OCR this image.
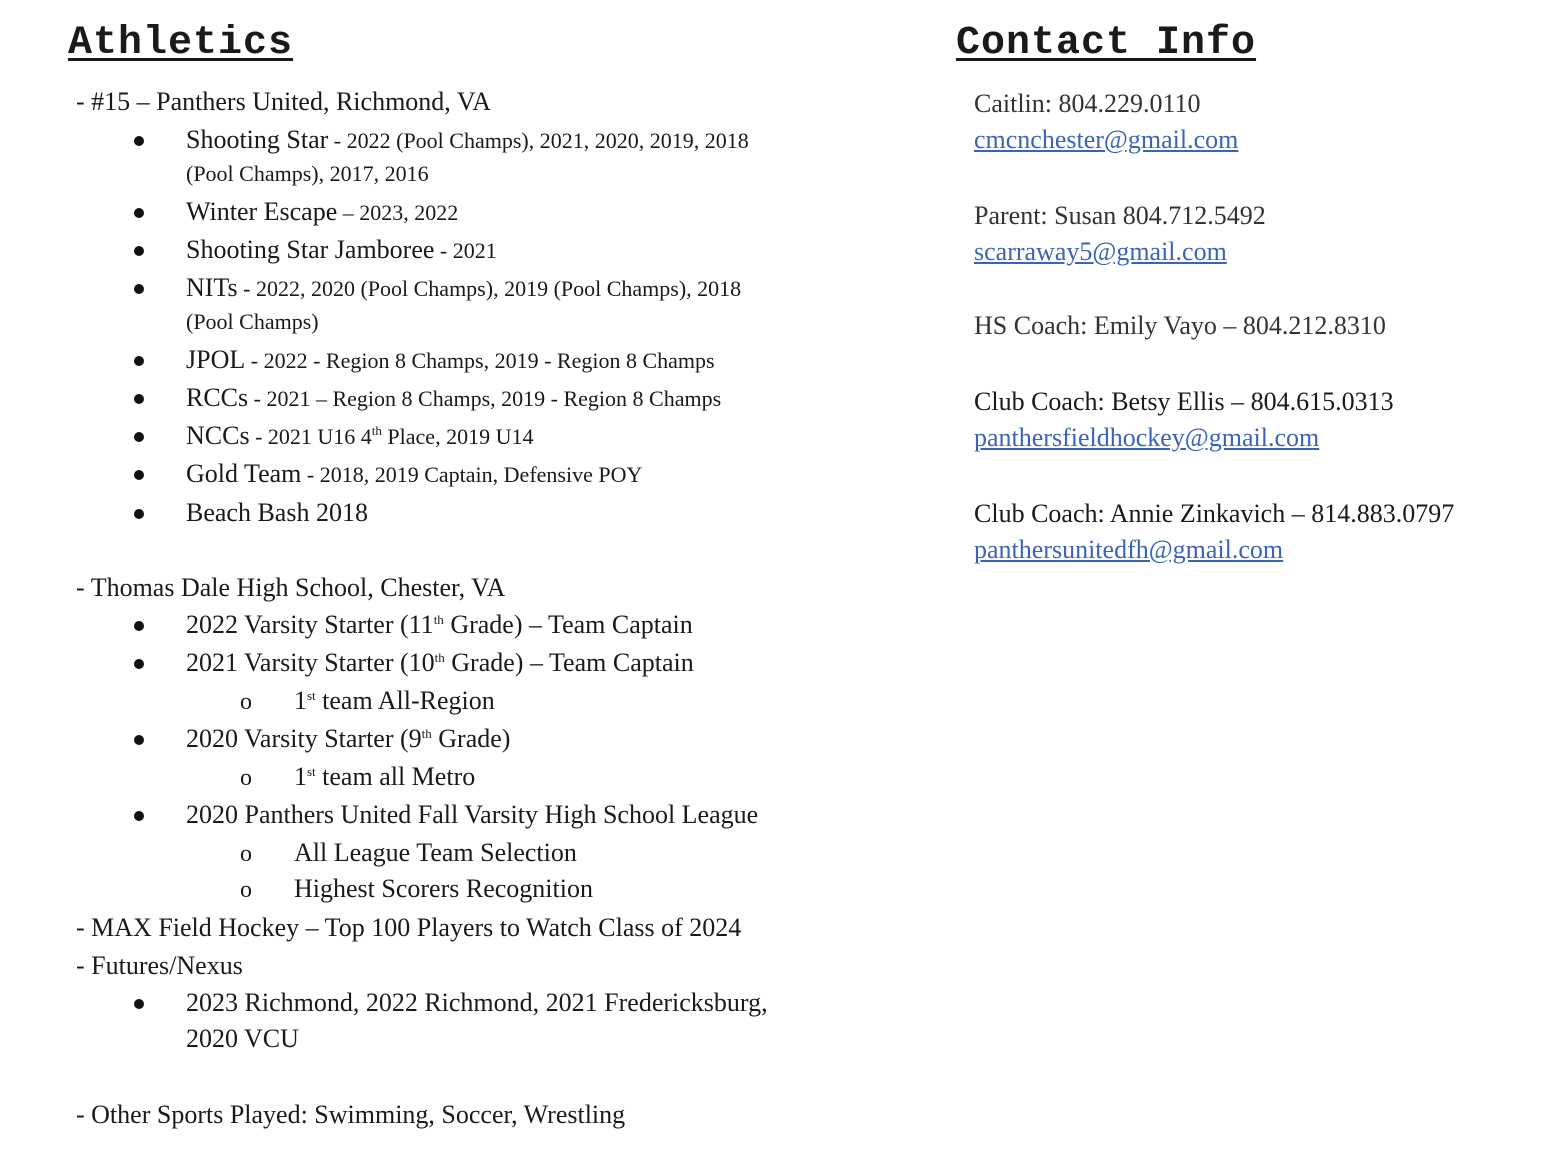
Athletics
- #15 – Panthers United, Richmond, VA
Shooting Star - 2022 (Pool Champs), 2021, 2020, 2019, 2018
(Pool Champs), 2017, 2016
Winter Escape – 2023, 2022
Shooting Star Jamboree - 2021
NITs - 2022, 2020 (Pool Champs), 2019 (Pool Champs), 2018
(Pool Champs)
JPOL - 2022 - Region 8 Champs, 2019 - Region 8 Champs
RCCs - 2021 – Region 8 Champs, 2019 - Region 8 Champs
NCCs - 2021 U16 4th Place, 2019 U14
Gold Team - 2018, 2019 Captain, Defensive POY
Beach Bash 2018
- Thomas Dale High School, Chester, VA
2022 Varsity Starter (11th Grade) – Team Captain
2021 Varsity Starter (10th Grade) – Team Captain
o 1st team All-Region
2020 Varsity Starter (9th Grade)
o 1st team all Metro
2020 Panthers United Fall Varsity High School League
o All League Team Selection
o Highest Scorers Recognition
- MAX Field Hockey – Top 100 Players to Watch Class of 2024
- Futures/Nexus
2023 Richmond, 2022 Richmond, 2021 Fredericksburg,
2020 VCU
- Other Sports Played: Swimming, Soccer, Wrestling
Contact Info
Caitlin: 804.229.0110
cmcnchester@gmail.com
Parent: Susan 804.712.5492
scarraway5@gmail.com
HS Coach: Emily Vayo – 804.212.8310
Club Coach: Betsy Ellis – 804.615.0313
panthersfieldhockey@gmail.com
Club Coach: Annie Zinkavich – 814.883.0797
panthersunitedfh@gmail.com
